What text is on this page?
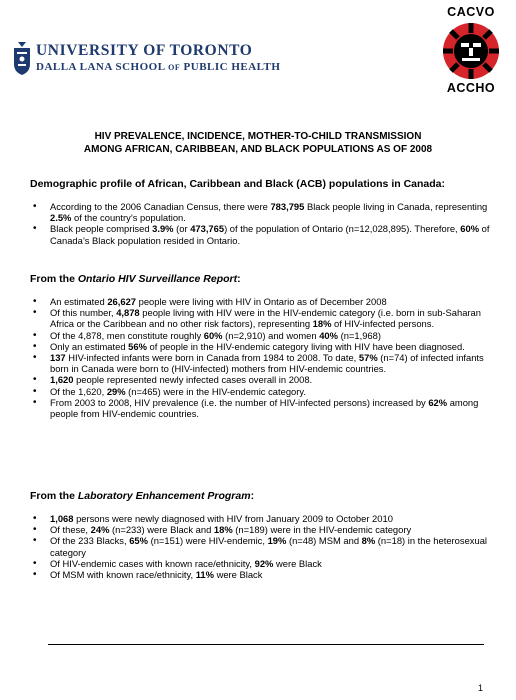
UNIVERSITY OF TORONTO
DALLA LANA SCHOOL OF PUBLIC HEALTH
CACVO
ACCHO
HIV PREVALENCE, INCIDENCE, MOTHER-TO-CHILD TRANSMISSION
AMONG AFRICAN, CARIBBEAN, AND BLACK POPULATIONS AS OF 2008
Demographic profile of African, Caribbean and Black (ACB) populations in Canada:
• According to the 2006 Canadian Census, there were 783,795 Black people living in Canada, representing 2.5% of the country’s population.
• Black people comprised 3.9% (or 473,765) of the population of Ontario (n=12,028,895). Therefore, 60% of Canada’s Black population resided in Ontario.
From the Ontario HIV Surveillance Report:
• An estimated 26,627 people were living with HIV in Ontario as of December 2008
• Of this number, 4,878 people living with HIV were in the HIV-endemic category (i.e. born in sub-Saharan Africa or the Caribbean and no other risk factors), representing 18% of HIV-infected persons.
• Of the 4,878, men constitute roughly 60% (n=2,910) and women 40% (n=1,968)
• Only an estimated 56% of people in the HIV-endemic category living with HIV have been diagnosed.
• 137 HIV-infected infants were born in Canada from 1984 to 2008. To date, 57% (n=74) of infected infants born in Canada were born to (HIV-infected) mothers from HIV-endemic countries.
• 1,620 people represented newly infected cases overall in 2008.
• Of the 1,620, 29% (n=465) were in the HIV-endemic category.
• From 2003 to 2008, HIV prevalence (i.e. the number of HIV-infected persons) increased by 62% among people from HIV-endemic countries.
From the Laboratory Enhancement Program:
• 1,068 persons were newly diagnosed with HIV from January 2009 to October 2010
• Of these, 24% (n=233) were Black and 18% (n=189) were in the HIV-endemic category
• Of the 233 Blacks, 65% (n=151) were HIV-endemic, 19% (n=48) MSM and 8% (n=18) in the heterosexual category
• Of HIV-endemic cases with known race/ethnicity, 92% were Black
• Of MSM with known race/ethnicity, 11% were Black
1
